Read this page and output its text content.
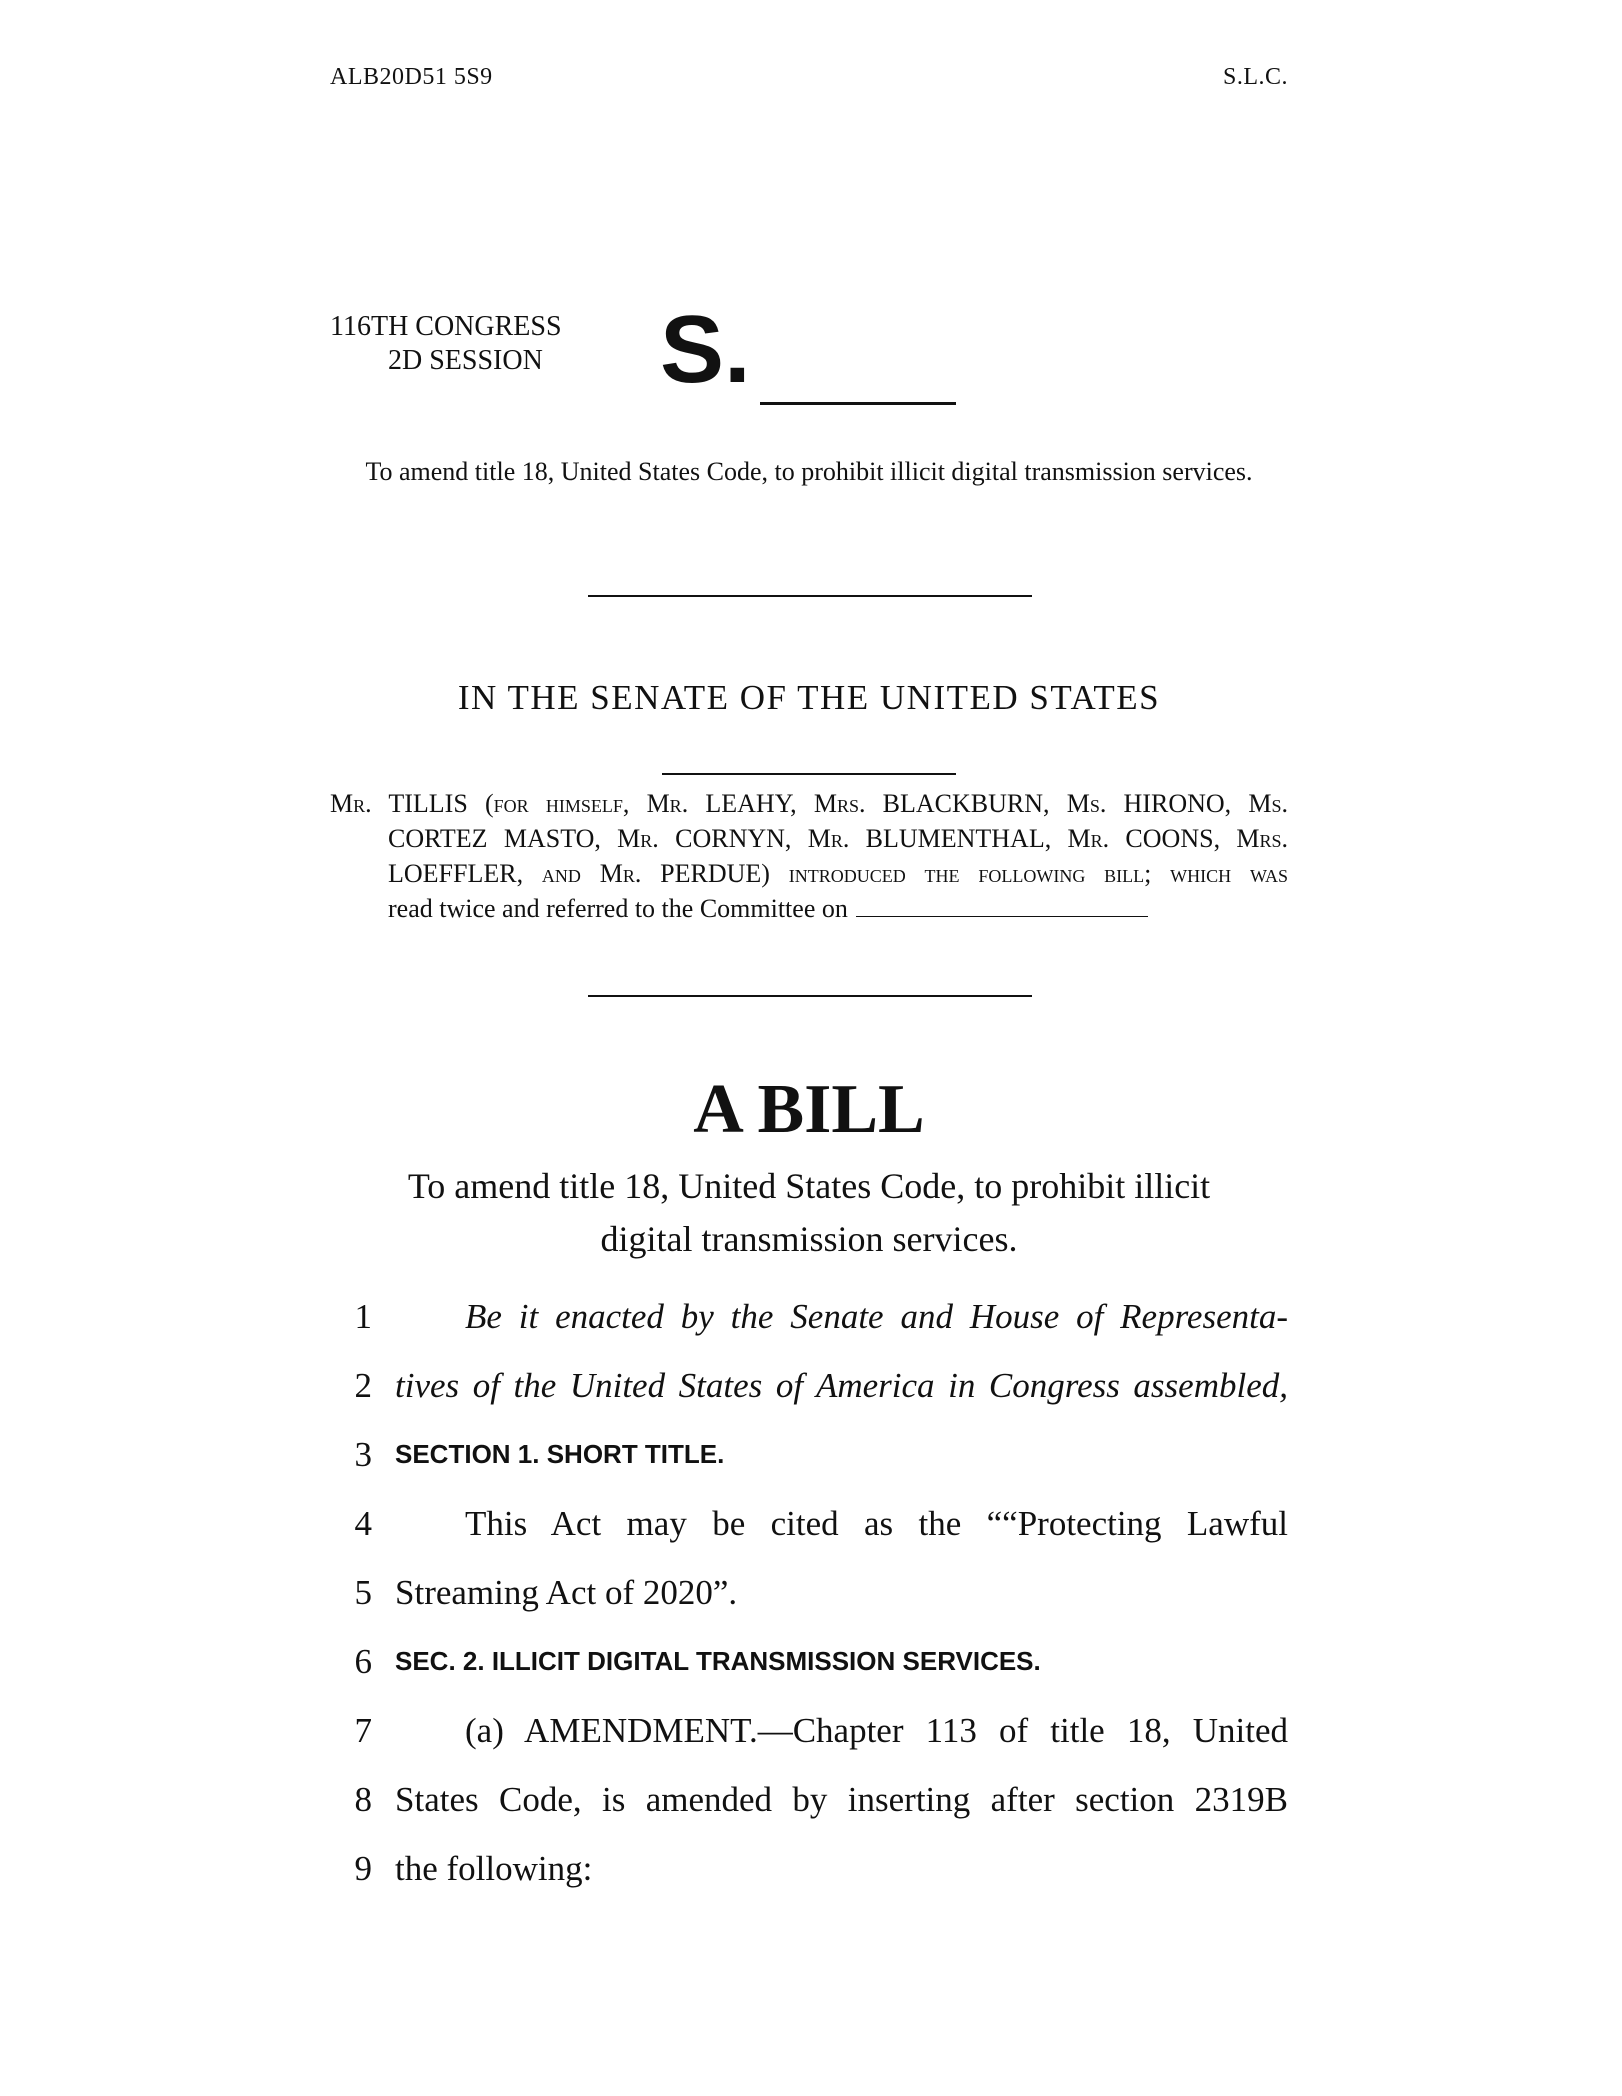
ALB20D51 5S9	S.L.C.
116TH CONGRESS
2D SESSION	S.
To amend title 18, United States Code, to prohibit illicit digital transmission services.
IN THE SENATE OF THE UNITED STATES
Mr. TILLIS (for himself, Mr. LEAHY, Mrs. BLACKBURN, Ms. HIRONO, Ms.
CORTEZ MASTO, Mr. CORNYN, Mr. BLUMENTHAL, Mr. COONS, Mrs.
LOEFFLER, and Mr. PERDUE) introduced the following bill; which was
read twice and referred to the Committee on
A BILL
To amend title 18, United States Code, to prohibit illicit
digital transmission services.
1	Be it enacted by the Senate and House of Representa-
2 tives of the United States of America in Congress assembled,
3 SECTION 1. SHORT TITLE.
4	This Act may be cited as the ““Protecting Lawful
5 Streaming Act of 2020”.
6 SEC. 2. ILLICIT DIGITAL TRANSMISSION SERVICES.
7	(a) AMENDMENT.—Chapter 113 of title 18, United
8 States Code, is amended by inserting after section 2319B
9 the following:
